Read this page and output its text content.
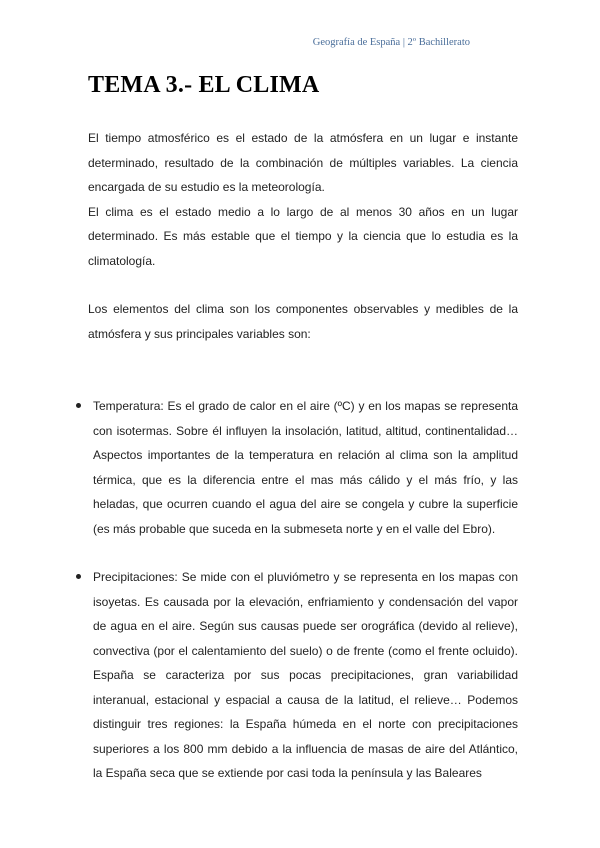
Geografía de España | 2º Bachillerato
TEMA 3.- EL CLIMA

El tiempo atmosférico es el estado de la atmósfera en un lugar e instante determinado, resultado de la combinación de múltiples variables. La ciencia encargada de su estudio es la meteorología.

El clima es el estado medio a lo largo de al menos 30 años en un lugar determinado. Es más estable que el tiempo y la ciencia que lo estudia es la climatología.

Los elementos del clima son los componentes observables y medibles de la atmósfera y sus principales variables son:

Temperatura: Es el grado de calor en el aire (ºC) y en los mapas se representa con isotermas. Sobre él influyen la insolación, latitud, altitud, continentalidad… Aspectos importantes de la temperatura en relación al clima son la amplitud térmica, que es la diferencia entre el mas más cálido y el más frío, y las heladas, que ocurren cuando el agua del aire se congela y cubre la superficie (es más probable que suceda en la submeseta norte y en el valle del Ebro).
Precipitaciones: Se mide con el pluviómetro y se representa en los mapas con isoyetas. Es causada por la elevación, enfriamiento y condensación del vapor de agua en el aire. Según sus causas puede ser orográfica (devido al relieve), convectiva (por el calentamiento del suelo) o de frente (como el frente ocluido). España se caracteriza por sus pocas precipitaciones, gran variabilidad interanual, estacional y espacial a causa de la latitud, el relieve… Podemos distinguir tres regiones: la España húmeda en el norte con precipitaciones superiores a los 800 mm debido a la influencia de masas de aire del Atlántico, la España seca que se extiende por casi toda la península y las Baleares
